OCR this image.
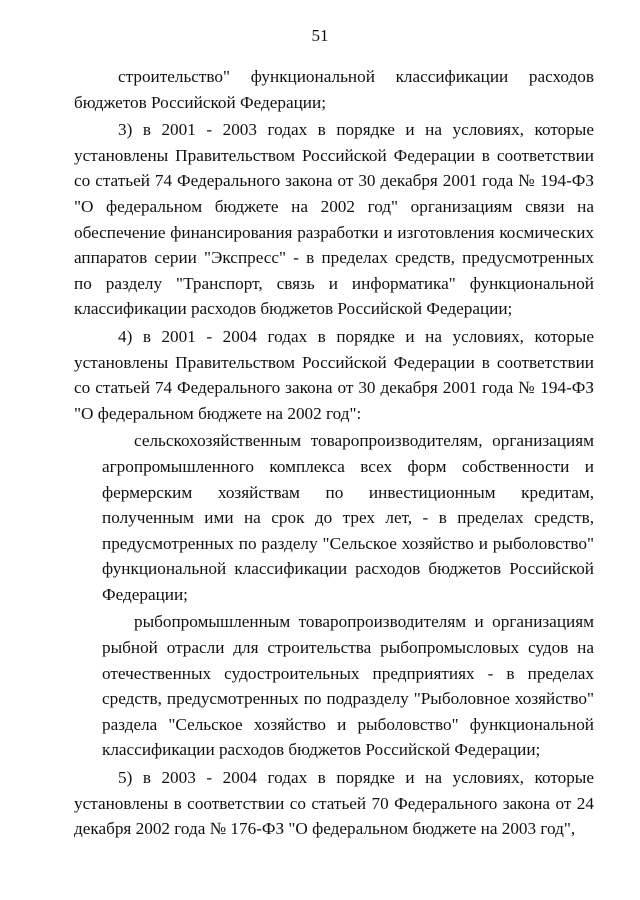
51

строительство" функциональной классификации расходов бюджетов Российской Федерации;

3) в 2001 - 2003 годах в порядке и на условиях, которые установлены Правительством Российской Федерации в соответствии со статьей 74 Федерального закона от 30 декабря 2001 года № 194-ФЗ "О федеральном бюджете на 2002 год" организациям связи на обеспечение финансирования разработки и изготовления космических аппаратов серии "Экспресс" - в пределах средств, предусмотренных по разделу "Транспорт, связь и информатика" функциональной классификации расходов бюджетов Российской Федерации;

4) в 2001 - 2004 годах в порядке и на условиях, которые установлены Правительством Российской Федерации в соответствии со статьей 74 Федерального закона от 30 декабря 2001 года № 194-ФЗ "О федеральном бюджете на 2002 год":

сельскохозяйственным товаропроизводителям, организациям агропромышленного комплекса всех форм собственности и фермерским хозяйствам по инвестиционным кредитам, полученным ими на срок до трех лет, - в пределах средств, предусмотренных по разделу "Сельское хозяйство и рыболовство" функциональной классификации расходов бюджетов Российской Федерации;

рыбопромышленным товаропроизводителям и организациям рыбной отрасли для строительства рыбопромысловых судов на отечественных судостроительных предприятиях - в пределах средств, предусмотренных по подразделу "Рыболовное хозяйство" раздела "Сельское хозяйство и рыболовство" функциональной классификации расходов бюджетов Российской Федерации;

5) в 2003 - 2004 годах в порядке и на условиях, которые установлены в соответствии со статьей 70 Федерального закона от 24 декабря 2002 года № 176-ФЗ "О федеральном бюджете на 2003 год",
